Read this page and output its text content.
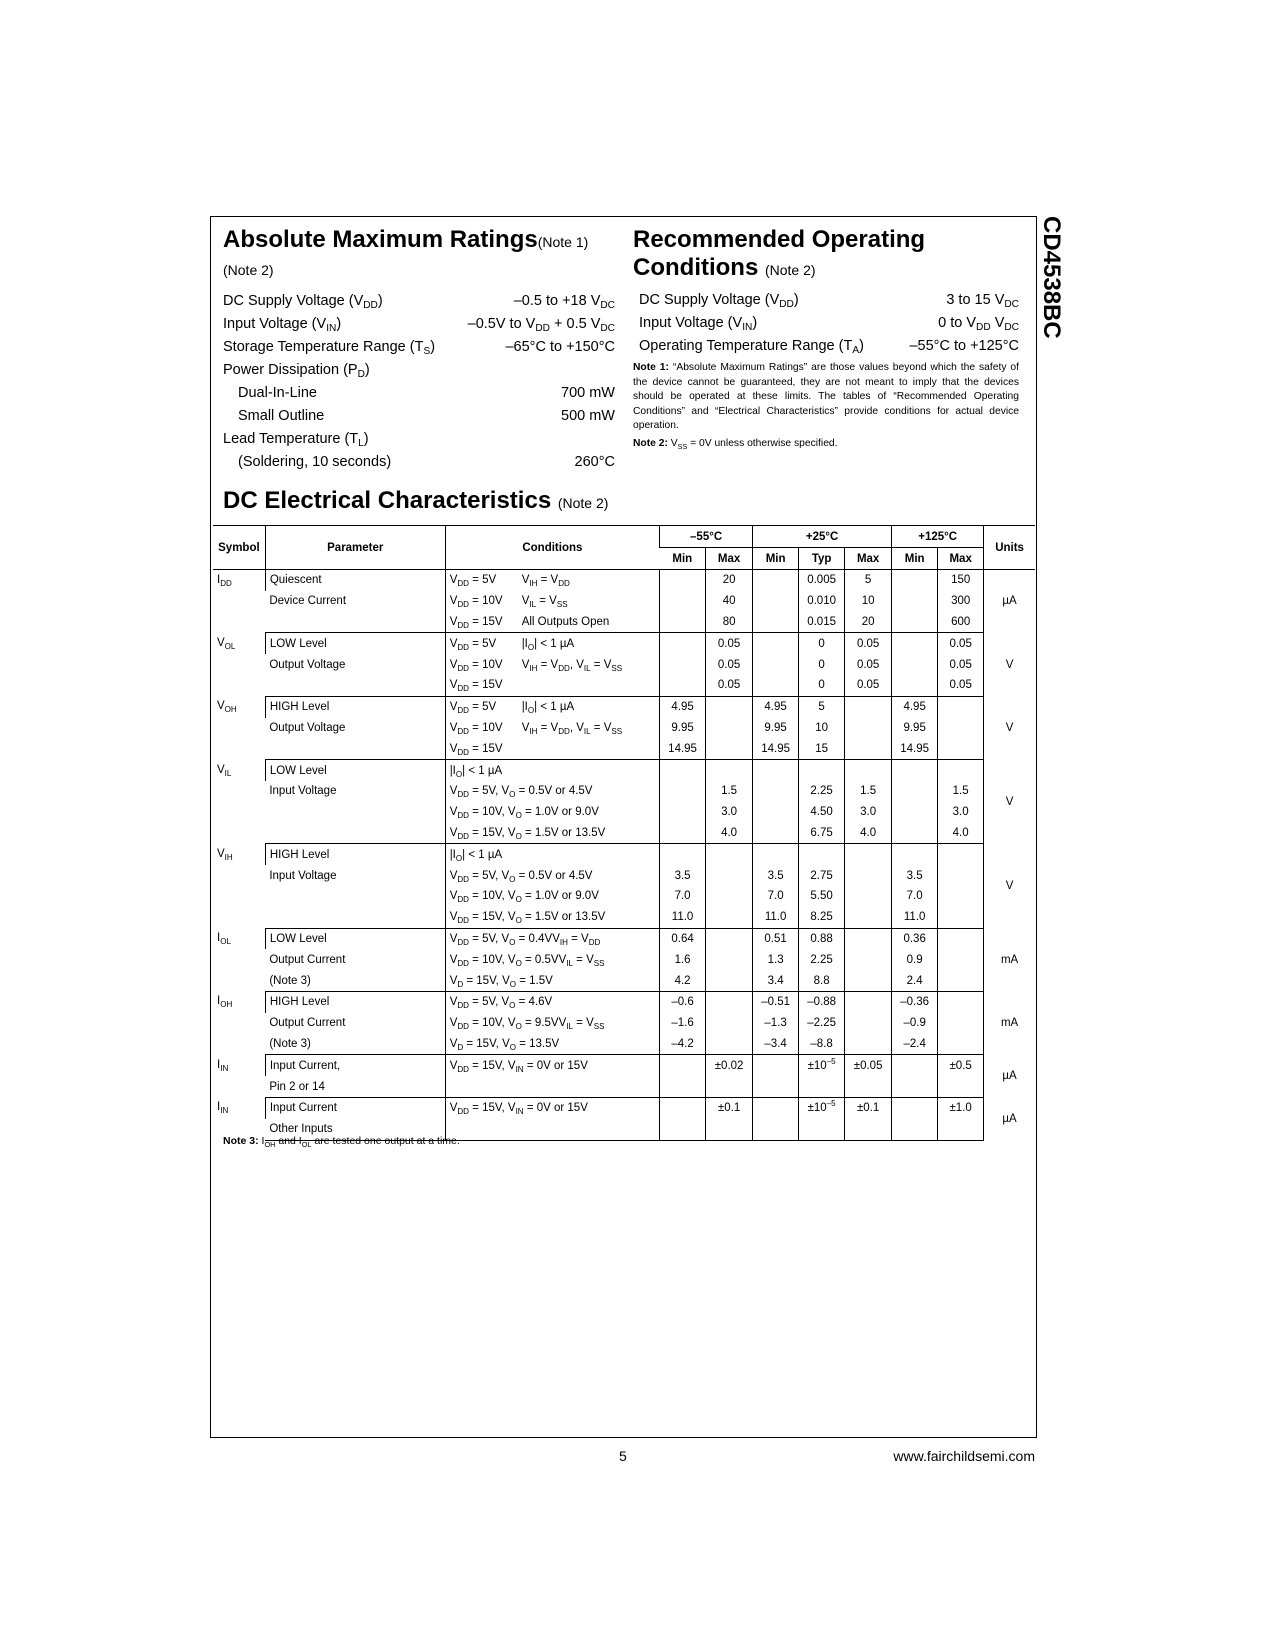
CD4538BC
Absolute Maximum Ratings(Note 1)
(Note 2)
DC Supply Voltage $(V_{DD})$	–0.5 to +18 $V_{DC}$
Input Voltage $(V_{IN})$	–0.5V to $V_{DD} + 0.5$ $V_{DC}$
Storage Temperature Range $(T_S)$	–65°C to +150°C
Power Dissipation $(P_D)$
Dual-In-Line	700 mW
Small Outline	500 mW
Lead Temperature $(T_L)$
(Soldering, 10 seconds)	260°C
Recommended Operating
Conditions (Note 2)
DC Supply Voltage $(V_{DD})$	3 to 15 $V_{DC}$
Input Voltage $(V_{IN})$	0 to $V_{DD}$ $V_{DC}$
Operating Temperature Range $(T_A)$	–55°C to +125°C
Note 1: “Absolute Maximum Ratings” are those values beyond which the safety of the device cannot be guaranteed, they are not meant to imply that the devices should be operated at these limits. The tables of “Recommended Operating Conditions” and “Electrical Characteristics” provide conditions for actual device operation.
Note 2: $V_{SS} = 0V$ unless otherwise specified.
DC Electrical Characteristics (Note 2)
Symbol	Parameter	Conditions	–55°C		+25°C			+125°C		Units
			Min	Max	Min	Typ	Max	Min	Max	
$I_{DD}$	Quiescent	$V_{DD} = 5V$ $V_{IH} = V_{DD}$		20		0.005	5		150	µA
	Device Current	$V_{DD} = 10V$ $V_{IL} = V_{SS}$		40		0.010	10		300	
		$V_{DD} = 15V$ All Outputs Open		80		0.015	20		600	
$V_{OL}$	LOW Level	$V_{DD} = 5V$ $|I_O| < 1$ µA		0.05		0	0.05		0.05	V
	Output Voltage	$V_{DD} = 10V$ $V_{IH} = V_{DD}$, $V_{IL} = V_{SS}$		0.05		0	0.05		0.05	
		$V_{DD} = 15V$		0.05		0	0.05		0.05	
$V_{OH}$	HIGH Level	$V_{DD} = 5V$ $|I_O| < 1$ µA	4.95		4.95	5		4.95		V
	Output Voltage	$V_{DD} = 10V$ $V_{IH} = V_{DD}$, $V_{IL} = V_{SS}$	9.95		9.95	10		9.95		
		$V_{DD} = 15V$	14.95		14.95	15		14.95		
$V_{IL}$	LOW Level	$|I_O| < 1$ µA								V
	Input Voltage	$V_{DD} = 5V$, $V_O = 0.5V$ or 4.5V		1.5		2.25	1.5		1.5	
		$V_{DD} = 10V$, $V_O = 1.0V$ or 9.0V		3.0		4.50	3.0		3.0	
		$V_{DD} = 15V$, $V_O = 1.5V$ or 13.5V		4.0		6.75	4.0		4.0	
$V_{IH}$	HIGH Level	$|I_O| < 1$ µA								V
	Input Voltage	$V_{DD} = 5V$, $V_O = 0.5V$ or 4.5V	3.5		3.5	2.75		3.5		
		$V_{DD} = 10V$, $V_O = 1.0V$ or 9.0V	7.0		7.0	5.50		7.0		
		$V_{DD} = 15V$, $V_O = 1.5V$ or 13.5V	11.0		11.0	8.25		11.0		
$I_{OL}$	LOW Level	$V_{DD} = 5V$, $V_O = 0.4VV_{IH} = V_{DD}$	0.64		0.51	0.88		0.36		mA
	Output Current	$V_{DD} = 10V$, $V_O = 0.5VV_{IL} = V_{SS}$	1.6		1.3	2.25		0.9		
	(Note 3)	$V_D = 15V$, $V_O = 1.5V$	4.2		3.4	8.8		2.4		
$I_{OH}$	HIGH Level	$V_{DD} = 5V$, $V_O = 4.6V$	–0.6		–0.51	–0.88		–0.36		mA
	Output Current	$V_{DD} = 10V$, $V_O = 9.5VV_{IL} = V_{SS}$	–1.6		–1.3	–2.25		–0.9		
	(Note 3)	$V_D = 15V$, $V_O = 13.5V$	–4.2		–3.4	–8.8		–2.4		
$I_{IN}$	Input Current,	$V_{DD} = 15V$, $V_{IN} = 0V$ or 15V		±0.02		$\pm 10^{-5}$	±0.05		±0.5	µA
	Pin 2 or 14									
$I_{IN}$	Input Current	$V_{DD} = 15V$, $V_{IN} = 0V$ or 15V		±0.1		$\pm 10^{-5}$	±0.1		±1.0	µA
	Other Inputs									
Note 3: $I_{OH}$ and $I_{OL}$ are tested one output at a time.
5	www.fairchildsemi.com
